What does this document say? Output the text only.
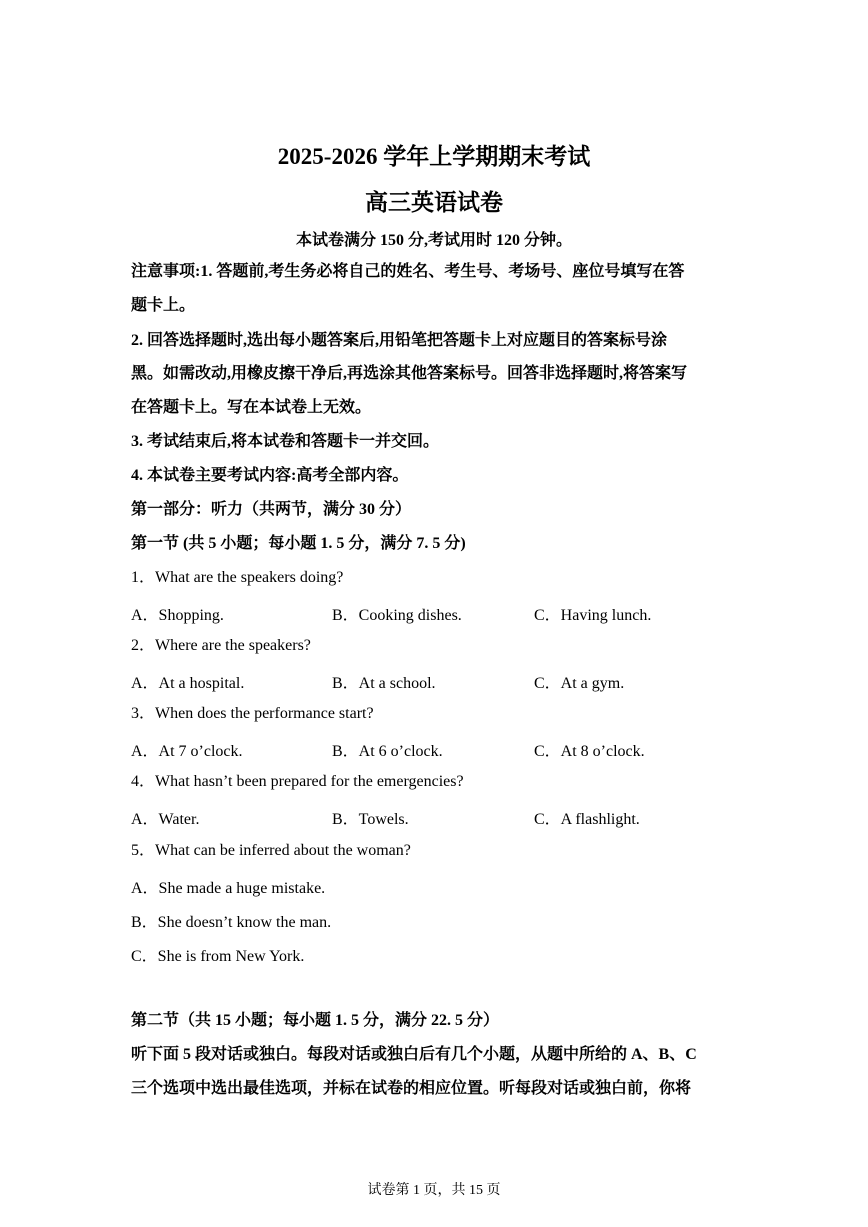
2025-2026 学年上学期期末考试
高三英语试卷
本试卷满分 150 分,考试用时 120 分钟。
注意事项:1. 答题前,考生务必将自己的姓名、考生号、考场号、座位号填写在答
题卡上。
2. 回答选择题时,选出每小题答案后,用铅笔把答题卡上对应题目的答案标号涂
黑。如需改动,用橡皮擦干净后,再选涂其他答案标号。回答非选择题时,将答案写
在答题卡上。写在本试卷上无效。
3. 考试结束后,将本试卷和答题卡一并交回。
4. 本试卷主要考试内容:高考全部内容。
第一部分：听力（共两节，满分 30 分）
第一节 (共 5 小题；每小题 1. 5 分，满分 7. 5 分)
1．What are the speakers doing?
A．Shopping.	B．Cooking dishes.	C．Having lunch.
2．Where are the speakers?
A．At a hospital.	B．At a school.	C．At a gym.
3．When does the performance start?
A．At 7 o’clock.	B．At 6 o’clock.	C．At 8 o’clock.
4．What hasn’t been prepared for the emergencies?
A．Water.	B．Towels.	C．A flashlight.
5．What can be inferred about the woman?
A．She made a huge mistake.
B．She doesn’t know the man.
C．She is from New York.
第二节（共 15 小题；每小题 1. 5 分，满分 22. 5 分）
听下面 5 段对话或独白。每段对话或独白后有几个小题，从题中所给的 A、B、C
三个选项中选出最佳选项，并标在试卷的相应位置。听每段对话或独白前，你将
试卷第 1 页，共 15 页
